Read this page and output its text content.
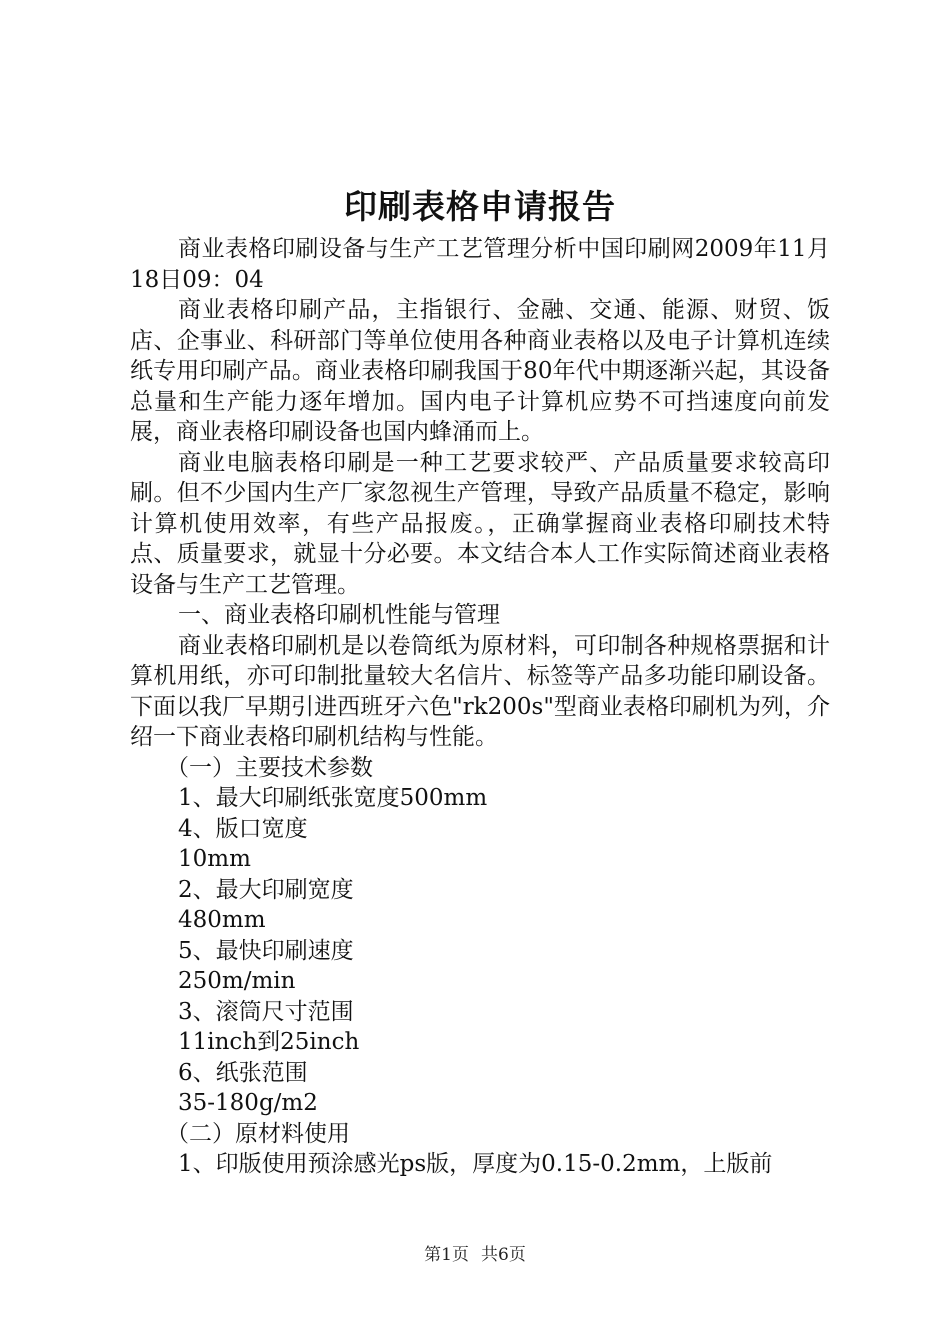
印刷表格申请报告

商业表格印刷设备与生产工艺管理分析中国印刷网2009年11月18日09：04

商业表格印刷产品，主指银行、金融、交通、能源、财贸、饭店、企事业、科研部门等单位使用各种商业表格以及电子计算机连续纸专用印刷产品。商业表格印刷我国于80年代中期逐渐兴起，其设备总量和生产能力逐年增加。国内电子计算机应势不可挡速度向前发展，商业表格印刷设备也国内蜂涌而上。

商业电脑表格印刷是一种工艺要求较严、产品质量要求较高印刷。但不少国内生产厂家忽视生产管理，导致产品质量不稳定，影响计算机使用效率，有些产品报废。，正确掌握商业表格印刷技术特点、质量要求，就显十分必要。本文结合本人工作实际简述商业表格设备与生产工艺管理。

一、商业表格印刷机性能与管理

商业表格印刷机是以卷筒纸为原材料，可印制各种规格票据和计算机用纸，亦可印制批量较大名信片、标签等产品多功能印刷设备。下面以我厂早期引进西班牙六色"rk200s"型商业表格印刷机为列，介绍一下商业表格印刷机结构与性能。

（一）主要技术参数

1、最大印刷纸张宽度500mm

4、版口宽度

10mm

2、最大印刷宽度

480mm

5、最快印刷速度

250m/min

3、滚筒尺寸范围

11inch到25inch

6、纸张范围

35-180g/m2

（二）原材料使用

1、印版使用预涂感光ps版，厚度为0.15-0.2mm，上版前

第1页 共6页
